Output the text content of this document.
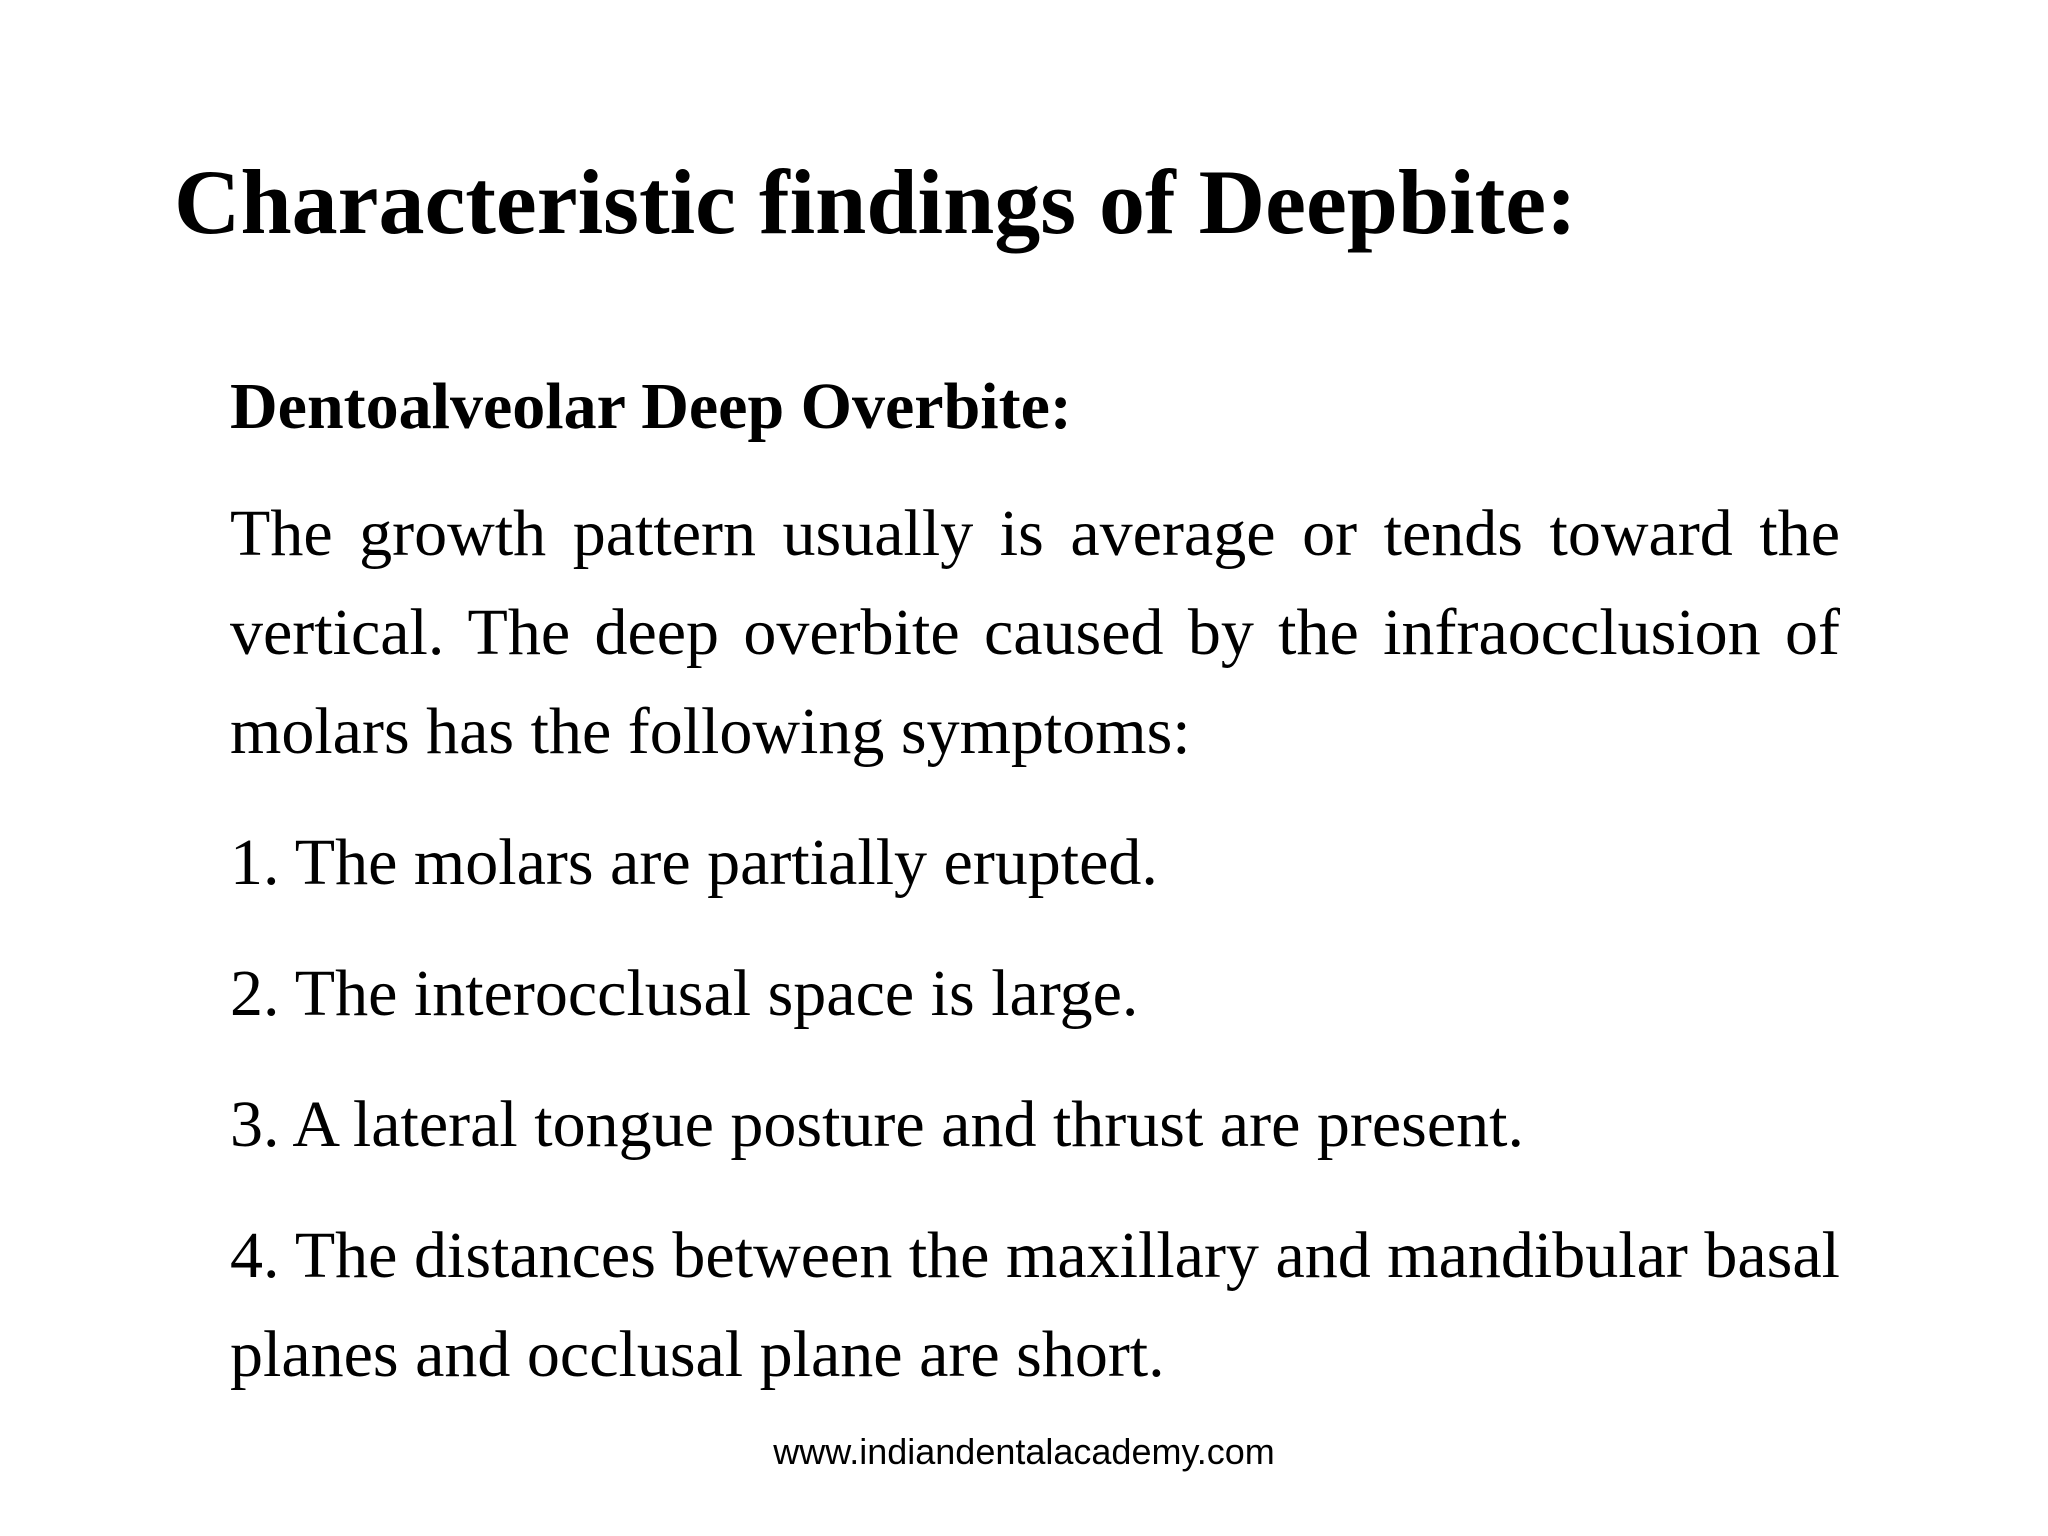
Characteristic findings of Deepbite:

Dentoalveolar Deep Overbite:

The growth pattern usually is average or tends toward the vertical. The deep overbite caused by the infraocclusion of molars has the following symptoms:

1. The molars are partially erupted.

2. The interocclusal space is large.

3. A lateral tongue posture and thrust are present.

4. The distances between the maxillary and mandibular basal planes and occlusal plane are short.

www.indiandentalacademy.com
